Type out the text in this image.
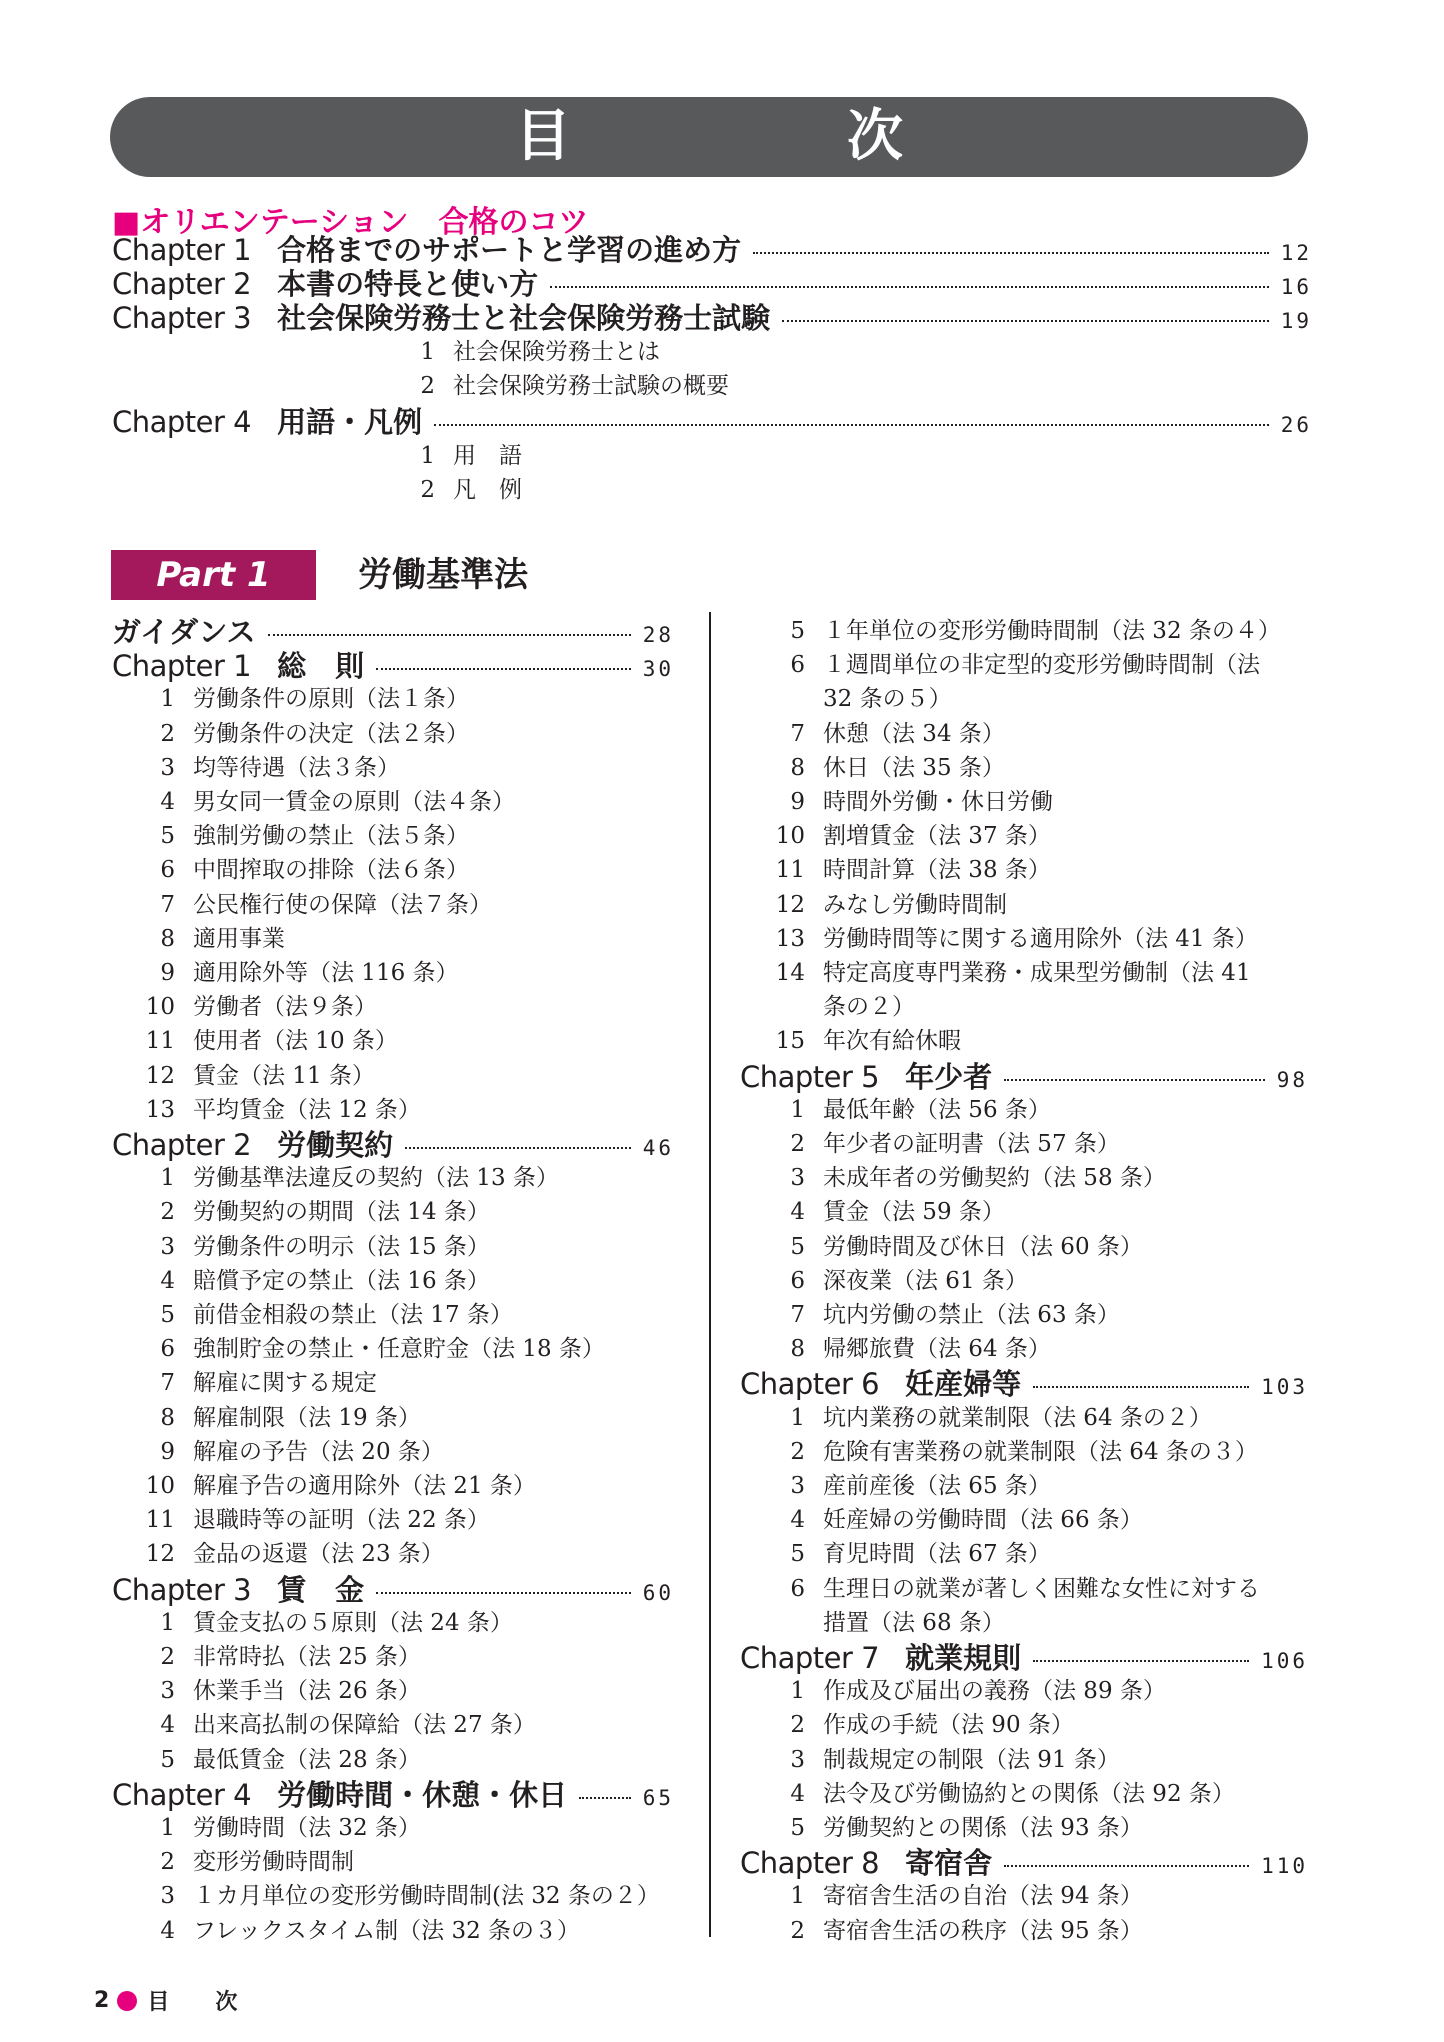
目　次
■オリエンテーション　合格のコツ
Part 1	労働基準法
2 目　次
Chapter 1 合格までのサポートと学習の進め方	12
Chapter 2 本書の特長と使い方	16
Chapter 3 社会保険労務士と社会保険労務士試験	19
1 社会保険労務士とは
2 社会保険労務士試験の概要
Chapter 4 用語・凡例	26
1 用　語
2 凡　例
ガイダンス	28
Chapter 1 総　則	30
1 労働条件の原則（法１条）
2 労働条件の決定（法２条）
3 均等待遇（法３条）
4 男女同一賃金の原則（法４条）
5 強制労働の禁止（法５条）
6 中間搾取の排除（法６条）
7 公民権行使の保障（法７条）
8 適用事業
9 適用除外等（法 116 条）
10 労働者（法９条）
11 使用者（法 10 条）
12 賃金（法 11 条）
13 平均賃金（法 12 条）
Chapter 2 労働契約	46
1 労働基準法違反の契約（法 13 条）
2 労働契約の期間（法 14 条）
3 労働条件の明示（法 15 条）
4 賠償予定の禁止（法 16 条）
5 前借金相殺の禁止（法 17 条）
6 強制貯金の禁止・任意貯金（法 18 条）
7 解雇に関する規定
8 解雇制限（法 19 条）
9 解雇の予告（法 20 条）
10 解雇予告の適用除外（法 21 条）
11 退職時等の証明（法 22 条）
12 金品の返還（法 23 条）
Chapter 3 賃　金	60
1 賃金支払の５原則（法 24 条）
2 非常時払（法 25 条）
3 休業手当（法 26 条）
4 出来高払制の保障給（法 27 条）
5 最低賃金（法 28 条）
Chapter 4 労働時間・休憩・休日	65
1 労働時間（法 32 条）
2 変形労働時間制
3 １カ月単位の変形労働時間制(法 32 条の２）
4 フレックスタイム制（法 32 条の３）
5 １年単位の変形労働時間制（法 32 条の４）
6 １週間単位の非定型的変形労働時間制（法
32 条の５）
7 休憩（法 34 条）
8 休日（法 35 条）
9 時間外労働・休日労働
10 割増賃金（法 37 条）
11 時間計算（法 38 条）
12 みなし労働時間制
13 労働時間等に関する適用除外（法 41 条）
14 特定高度専門業務・成果型労働制（法 41
条の２）
15 年次有給休暇
Chapter 5 年少者	98
1 最低年齢（法 56 条）
2 年少者の証明書（法 57 条）
3 未成年者の労働契約（法 58 条）
4 賃金（法 59 条）
5 労働時間及び休日（法 60 条）
6 深夜業（法 61 条）
7 坑内労働の禁止（法 63 条）
8 帰郷旅費（法 64 条）
Chapter 6 妊産婦等	103
1 坑内業務の就業制限（法 64 条の２）
2 危険有害業務の就業制限（法 64 条の３）
3 産前産後（法 65 条）
4 妊産婦の労働時間（法 66 条）
5 育児時間（法 67 条）
6 生理日の就業が著しく困難な女性に対する
措置（法 68 条）
Chapter 7 就業規則	106
1 作成及び届出の義務（法 89 条）
2 作成の手続（法 90 条）
3 制裁規定の制限（法 91 条）
4 法令及び労働協約との関係（法 92 条）
5 労働契約との関係（法 93 条）
Chapter 8 寄宿舎	110
1 寄宿舎生活の自治（法 94 条）
2 寄宿舎生活の秩序（法 95 条）
